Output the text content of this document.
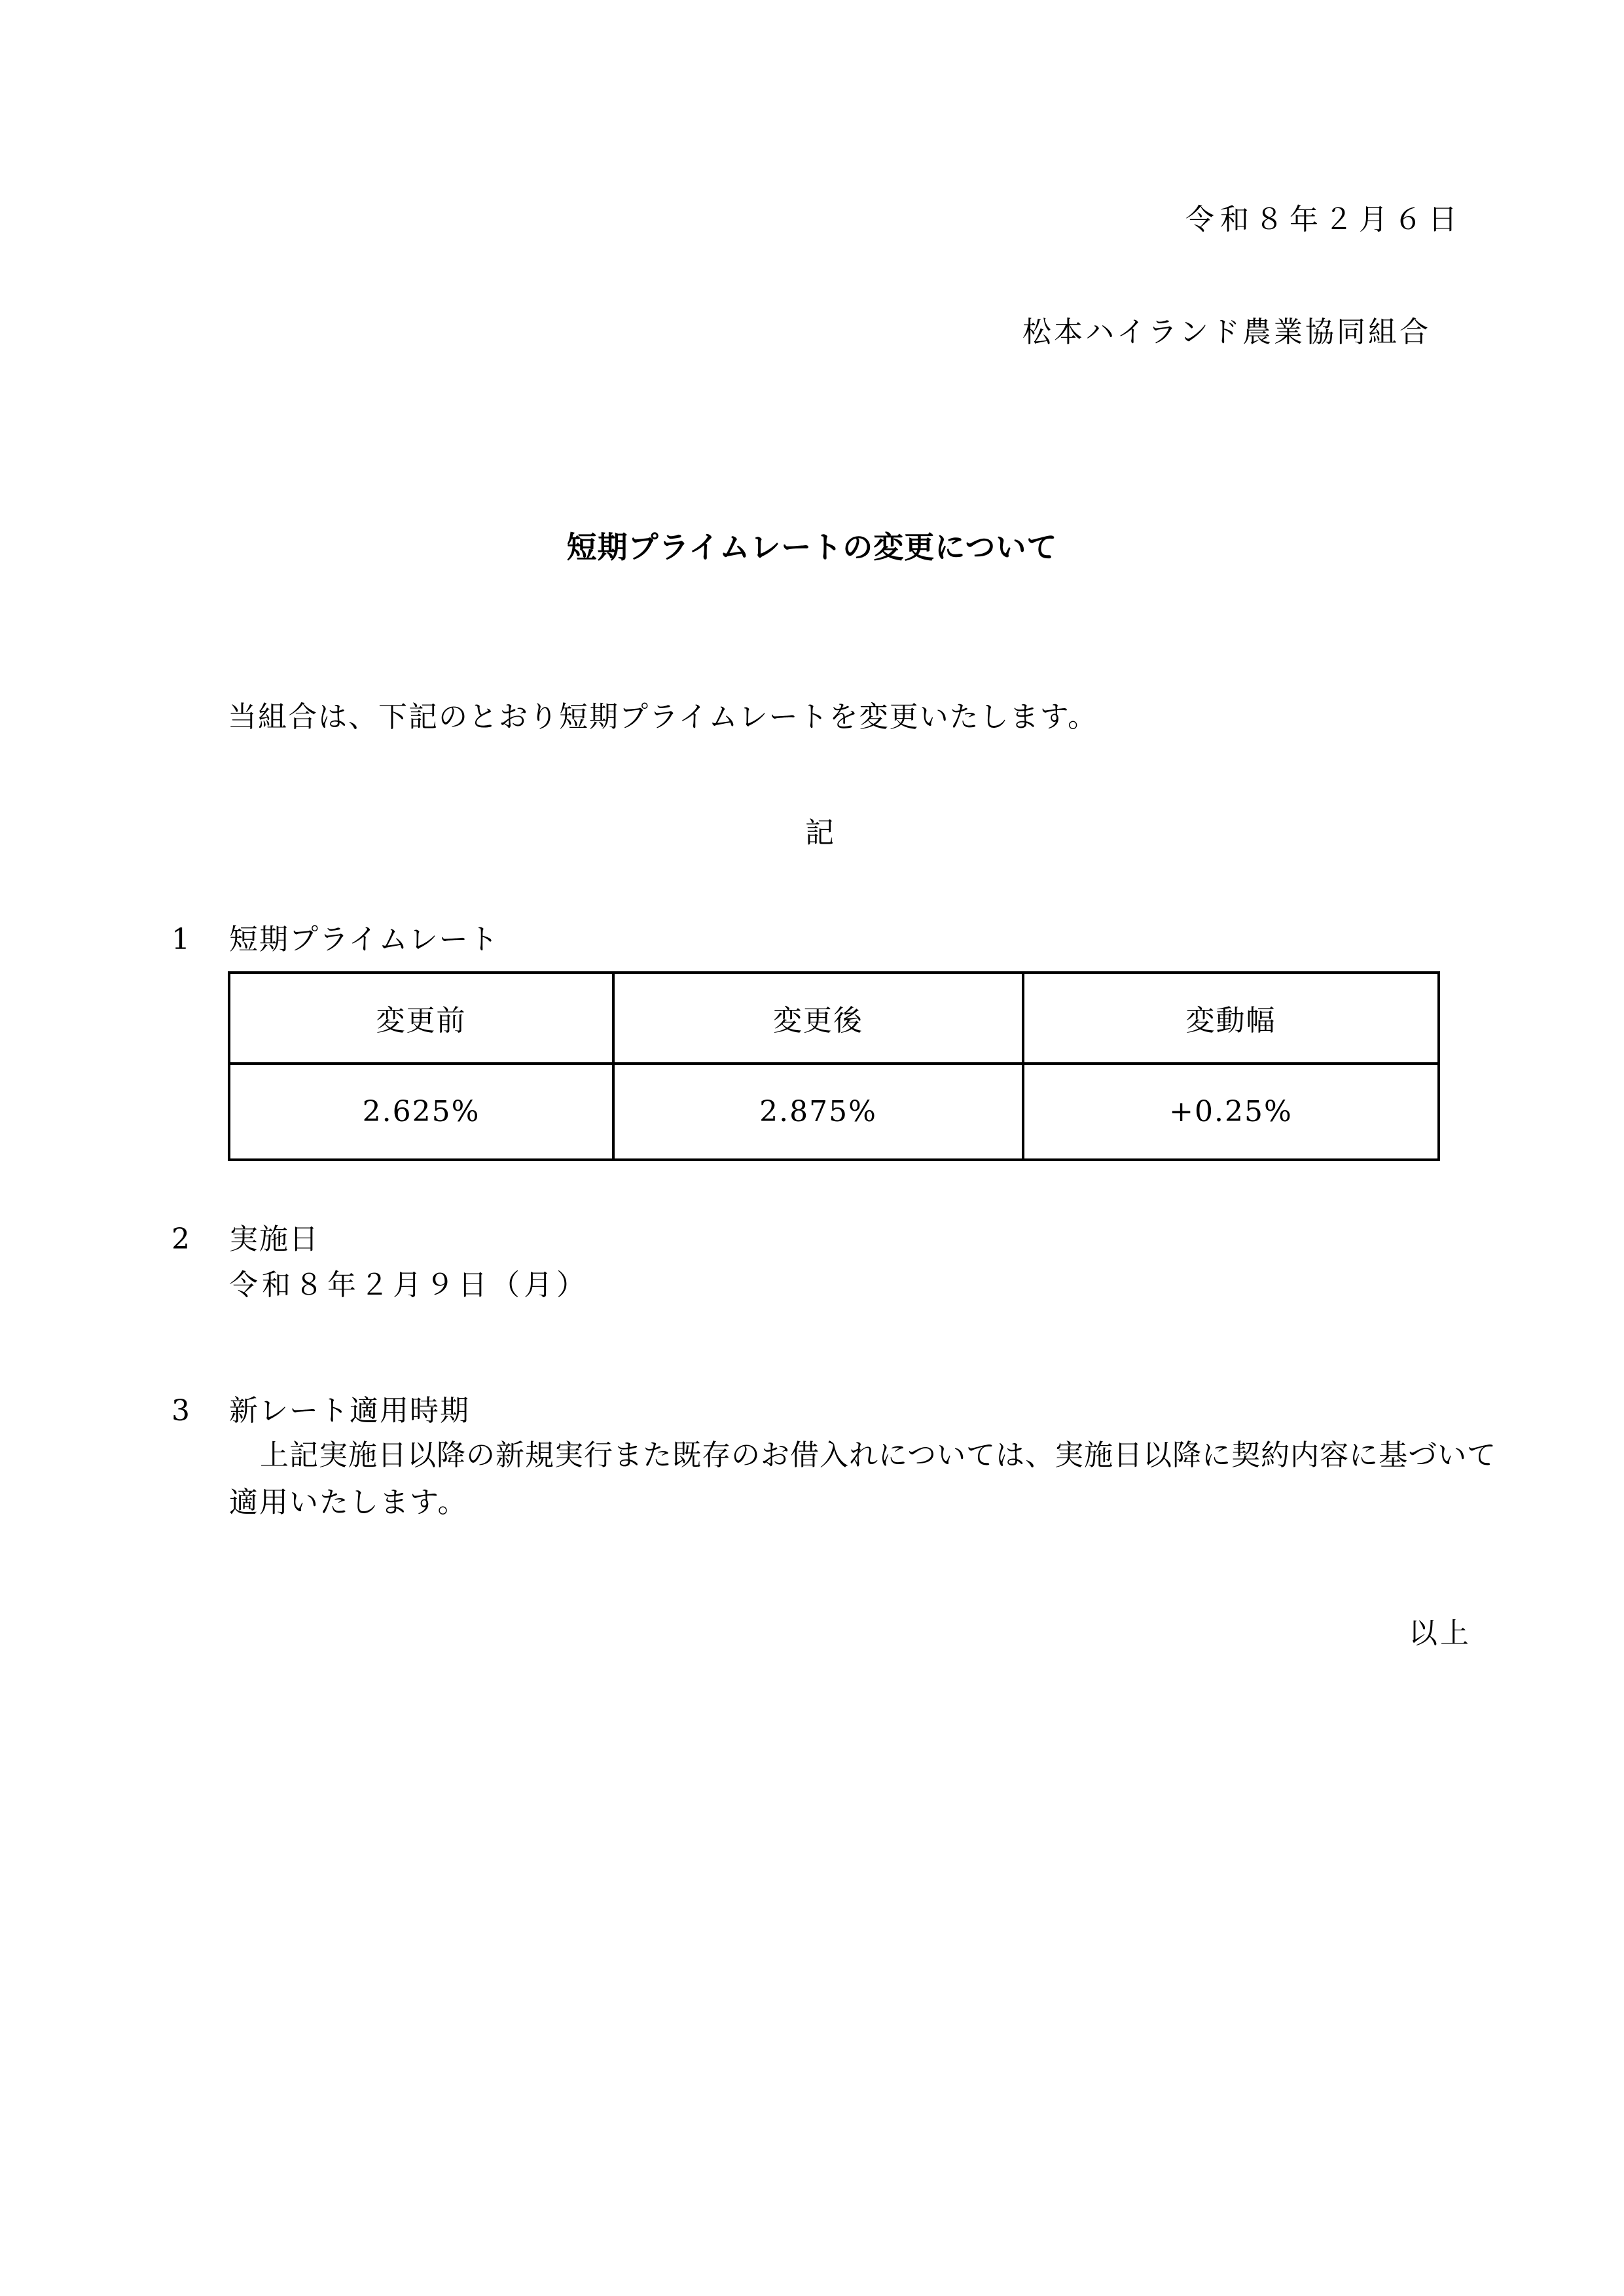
令和８年２月６日
松本ハイランド農業協同組合
短期プライムレートの変更について
当組合は、下記のとおり短期プライムレートを変更いたします。
記
1 短期プライムレート
変更前	変更後	変動幅
2.625%	2.875%	+0.25%
2 実施日
令和８年２月９日（月）
3 新レート適用時期
上記実施日以降の新規実行また既存のお借入れについては、実施日以降に契約内容に基づいて
適用いたします。
以上
